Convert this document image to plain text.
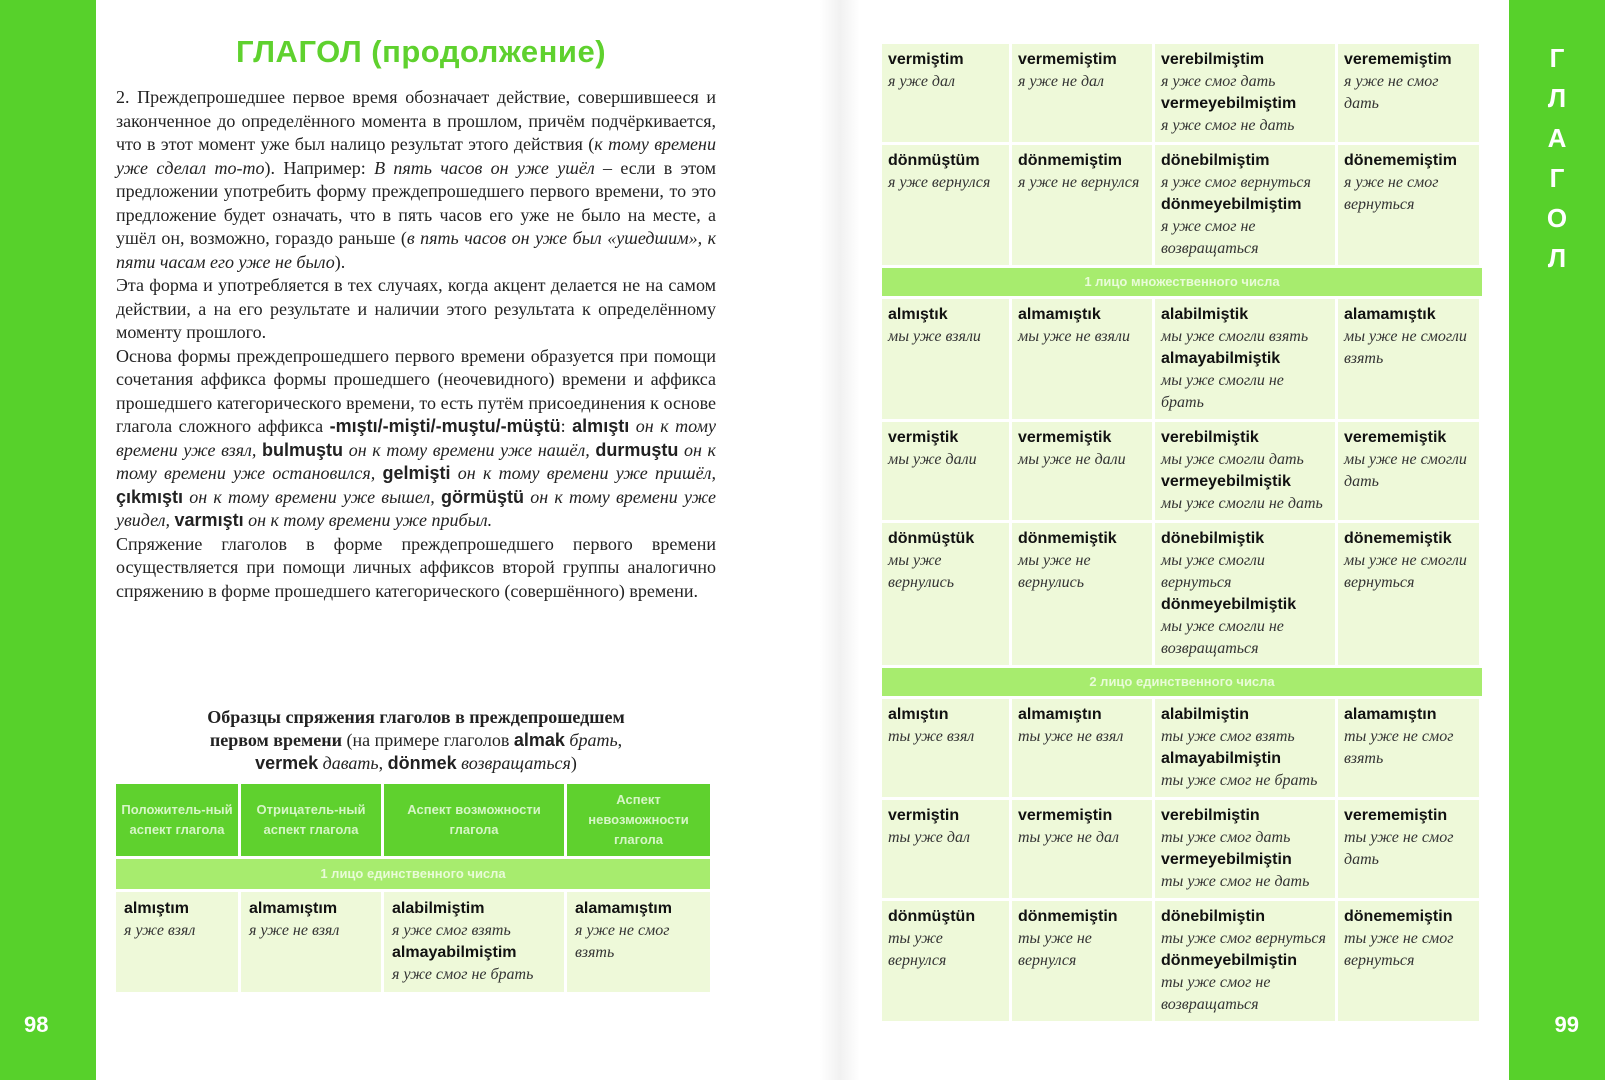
98	99
Г
Л
А
Г
О
Л
ГЛАГОЛ (продолжение)

2. Преждепрошедшее первое время обозначает действие, совершившееся и законченное до определённого момента в прошлом, причём подчёркивается, что в этот момент уже был налицо результат этого действия (к тому времени уже сделал то-то). Например: В пять часов он уже ушёл – если в этом предложении употребить форму преждепрошедшего первого времени, то это предложение будет означать, что в пять часов его уже не было на месте, а ушёл он, возможно, гораздо раньше (в пять часов он уже был «ушедшим», к пяти часам его уже не было).

Эта форма и употребляется в тех случаях, когда акцент делается не на самом действии, а на его результате и наличии этого результата к определённому моменту прошлого.

Основа формы преждепрошедшего первого времени образуется при помощи сочетания аффикса формы прошедшего (неочевидного) времени и аффикса прошедшего категорического времени, то есть путём присоединения к основе глагола сложного аффикса -mıştı/-mişti/-muştu/-müştü: almıştı он к тому времени уже взял, bulmuştu он к тому времени уже нашёл, durmuştu он к тому времени уже остановился, gelmişti он к тому времени уже пришёл, çıkmıştı он к тому времени уже вышел, görmüştü он к тому времени уже увидел, varmıştı он к тому времени уже прибыл.

Спряжение глаголов в форме преждепрошедшего первого времени осуществляется при помощи личных аффиксов второй группы аналогично спряжению в форме прошедшего категорического (совершённого) времени.

Образцы спряжения глаголов в преждепрошедшем
первом времени (на примере глаголов almak брать,
vermek давать, dönmek возвращаться)
Положитель-ный аспект глагола
Отрицатель-ный аспект глагола
Аспект возможности глагола
Аспект невозможности глагола
1 лицо единственного числа
almıştım
я уже взял
almamıştım
я уже не взял
alabilmiştim
я уже смог взять
almayabilmiştim
я уже смог не брать
alamamıştım
я уже не смог взять
vermiştim
я уже дал
vermemiştim
я уже не дал
verebilmiştim
я уже смог дать
vermeyebilmiştim
я уже смог не дать
verememiştim
я уже не смог дать
dönmüştüm
я уже вернулся
dönmemiştim
я уже не вернулся
dönebilmiştim
я уже смог вернуться
dönmeyebilmiştim
я уже смог не возвращаться
dönememiştim
я уже не смог вернуться
1 лицо множественного числа
almıştık
мы уже взяли
almamıştık
мы уже не взяли
alabilmiştik
мы уже смогли взять
almayabilmiştik
мы уже смогли не брать
alamamıştık
мы уже не смогли взять
vermiştik
мы уже дали
vermemiştik
мы уже не дали
verebilmiştik
мы уже смогли дать
vermeyebilmiştik
мы уже смогли не дать
verememiştik
мы уже не смогли дать
dönmüştük
мы уже вернулись
dönmemiştik
мы уже не вернулись
dönebilmiştik
мы уже смогли вернуться
dönmeyebilmiştik
мы уже смогли не возвращаться
dönememiştik
мы уже не смогли вернуться
2 лицо единственного числа
almıştın
ты уже взял
almamıştın
ты уже не взял
alabilmiştin
ты уже смог взять
almayabilmiştin
ты уже смог не брать
alamamıştın
ты уже не смог взять
vermiştin
ты уже дал
vermemiştin
ты уже не дал
verebilmiştin
ты уже смог дать
vermeyebilmiştin
ты уже смог не дать
verememiştin
ты уже не смог дать
dönmüştün
ты уже вернулся
dönmemiştin
ты уже не вернулся
dönebilmiştin
ты уже смог вернуться
dönmeyebilmiştin
ты уже смог не возвращаться
dönememiştin
ты уже не смог вернуться
